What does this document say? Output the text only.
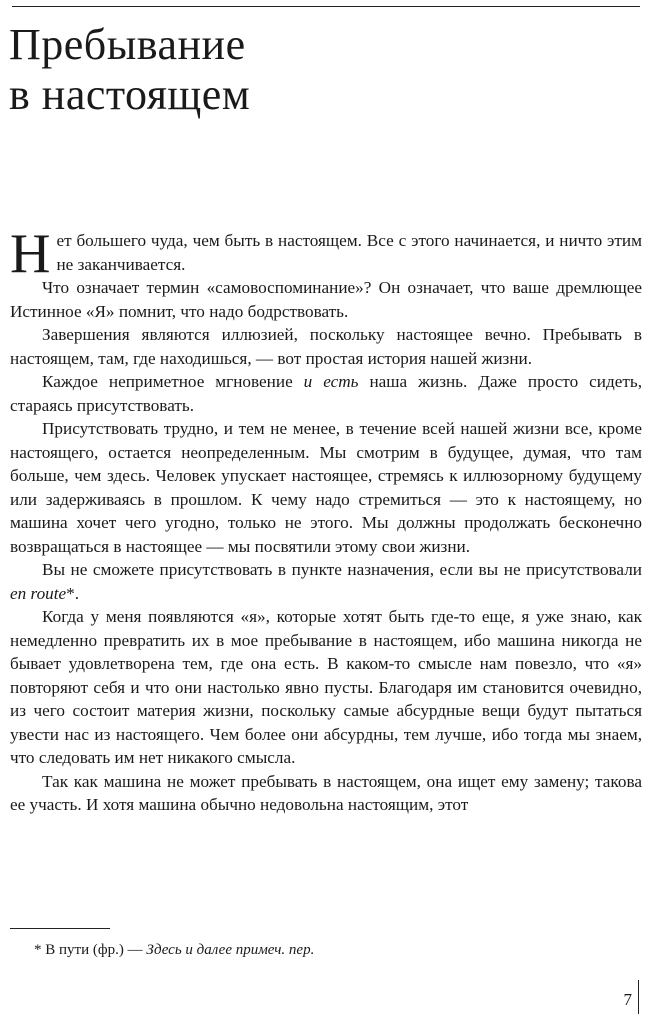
Пребывание
в настоящем

Нет большего чуда, чем быть в настоящем. Все с этого начинается, и ничто этим не заканчивается.

Что означает термин «самовоспоминание»? Он означает, что ваше дремлющее Истинное «Я» помнит, что надо бодрствовать.

Завершения являются иллюзией, поскольку настоящее вечно. Пребывать в настоящем, там, где находишься, — вот простая история нашей жизни.

Каждое неприметное мгновение и есть наша жизнь. Даже просто сидеть, стараясь присутствовать.

Присутствовать трудно, и тем не менее, в течение всей нашей жизни все, кроме настоящего, остается неопределенным. Мы смотрим в будущее, думая, что там больше, чем здесь. Человек упускает настоящее, стремясь к иллюзорному будущему или задерживаясь в прошлом. К чему надо стремиться — это к настоящему, но машина хочет чего угодно, только не этого. Мы должны продолжать бесконечно возвращаться в настоящее — мы посвятили этому свои жизни.

Вы не сможете присутствовать в пункте назначения, если вы не присутствовали en route*.

Когда у меня появляются «я», которые хотят быть где-то еще, я уже знаю, как немедленно превратить их в мое пребывание в настоящем, ибо машина никогда не бывает удовлетворена тем, где она есть. В каком-то смысле нам повезло, что «я» повторяют себя и что они настолько явно пусты. Благодаря им становится очевидно, из чего состоит материя жизни, поскольку самые абсурдные вещи будут пытаться увести нас из настоящего. Чем более они абсурдны, тем лучше, ибо тогда мы знаем, что следовать им нет никакого смысла.

Так как машина не может пребывать в настоящем, она ищет ему замену; такова ее участь. И хотя машина обычно недовольна настоящим, этот

* В пути (фр.) — Здесь и далее примеч. пер.
7
